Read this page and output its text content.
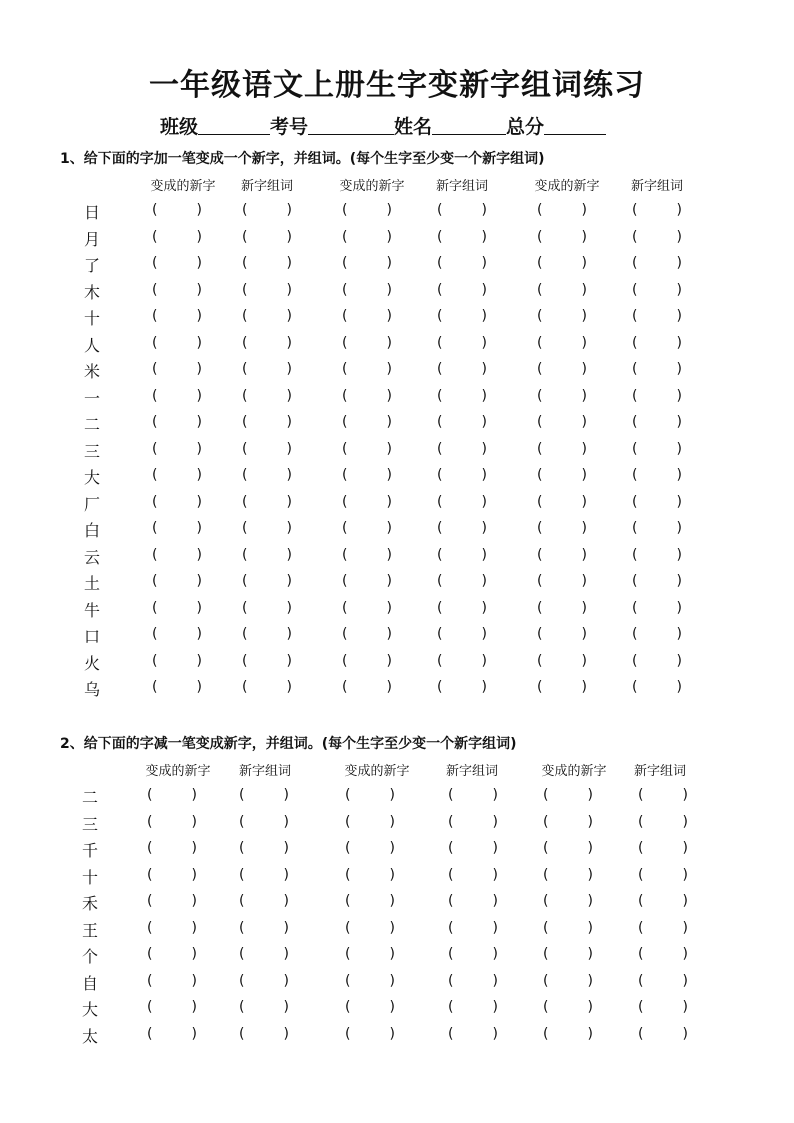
一年级语文上册生字变新字组词练习
班级	考号	姓名	总分
1、给下面的字加一笔变成一个新字，并组词。(每个生字至少变一个新字组词)
变成的新字	新字组词	变成的新字	新字组词	变成的新字	新字组词
日	(	)	(	)	(	)	(	)	(	)	(	)
月	(	)	(	)	(	)	(	)	(	)	(	)
了	(	)	(	)	(	)	(	)	(	)	(	)
木	(	)	(	)	(	)	(	)	(	)	(	)
十	(	)	(	)	(	)	(	)	(	)	(	)
人	(	)	(	)	(	)	(	)	(	)	(	)
米	(	)	(	)	(	)	(	)	(	)	(	)
一	(	)	(	)	(	)	(	)	(	)	(	)
二	(	)	(	)	(	)	(	)	(	)	(	)
三	(	)	(	)	(	)	(	)	(	)	(	)
大	(	)	(	)	(	)	(	)	(	)	(	)
厂	(	)	(	)	(	)	(	)	(	)	(	)
白	(	)	(	)	(	)	(	)	(	)	(	)
云	(	)	(	)	(	)	(	)	(	)	(	)
土	(	)	(	)	(	)	(	)	(	)	(	)
牛	(	)	(	)	(	)	(	)	(	)	(	)
口	(	)	(	)	(	)	(	)	(	)	(	)
火	(	)	(	)	(	)	(	)	(	)	(	)
乌	(	)	(	)	(	)	(	)	(	)	(	)
2、给下面的字减一笔变成新字，并组词。(每个生字至少变一个新字组词)
变成的新字	新字组词	变成的新字	新字组词	变成的新字	新字组词
二	(	)	(	)	(	)	(	)	(	)	(	)
三	(	)	(	)	(	)	(	)	(	)	(	)
千	(	)	(	)	(	)	(	)	(	)	(	)
十	(	)	(	)	(	)	(	)	(	)	(	)
禾	(	)	(	)	(	)	(	)	(	)	(	)
王	(	)	(	)	(	)	(	)	(	)	(	)
个	(	)	(	)	(	)	(	)	(	)	(	)
自	(	)	(	)	(	)	(	)	(	)	(	)
大	(	)	(	)	(	)	(	)	(	)	(	)
太	(	)	(	)	(	)	(	)	(	)	(	)
